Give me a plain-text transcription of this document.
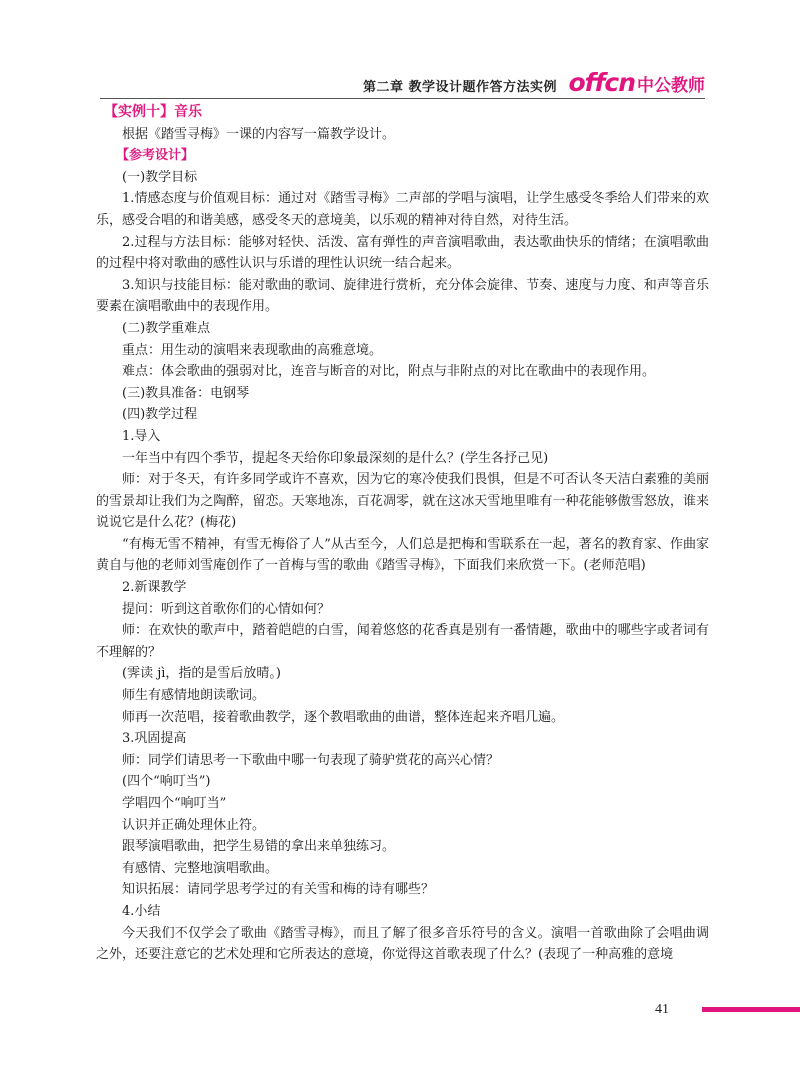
第二章 教学设计题作答方法实例 offcn 中公教师

【实例十】音乐

根据《踏雪寻梅》一课的内容写一篇教学设计。

【参考设计】

(一)教学目标

1.情感态度与价值观目标：通过对《踏雪寻梅》二声部的学唱与演唱，让学生感受冬季给人们带来的欢乐，感受合唱的和谐美感，感受冬天的意境美，以乐观的精神对待自然，对待生活。

2.过程与方法目标：能够对轻快、活泼、富有弹性的声音演唱歌曲，表达歌曲快乐的情绪；在演唱歌曲的过程中将对歌曲的感性认识与乐谱的理性认识统一结合起来。

3.知识与技能目标：能对歌曲的歌词、旋律进行赏析，充分体会旋律、节奏、速度与力度、和声等音乐要素在演唱歌曲中的表现作用。

(二)教学重难点

重点：用生动的演唱来表现歌曲的高雅意境。

难点：体会歌曲的强弱对比，连音与断音的对比，附点与非附点的对比在歌曲中的表现作用。

(三)教具准备：电钢琴

(四)教学过程

1.导入

一年当中有四个季节，提起冬天给你印象最深刻的是什么？(学生各抒己见)

师：对于冬天，有许多同学或许不喜欢，因为它的寒冷使我们畏惧，但是不可否认冬天洁白素雅的美丽的雪景却让我们为之陶醉，留恋。天寒地冻，百花凋零，就在这冰天雪地里唯有一种花能够傲雪怒放，谁来说说它是什么花？(梅花)

“有梅无雪不精神，有雪无梅俗了人”从古至今，人们总是把梅和雪联系在一起，著名的教育家、作曲家黄自与他的老师刘雪庵创作了一首梅与雪的歌曲《踏雪寻梅》，下面我们来欣赏一下。(老师范唱)

2.新课教学

提问：听到这首歌你们的心情如何？

师：在欢快的歌声中，踏着皑皑的白雪，闻着悠悠的花香真是别有一番情趣，歌曲中的哪些字或者词有不理解的？

(霁读 jì，指的是雪后放晴。)

师生有感情地朗读歌词。

师再一次范唱，接着歌曲教学，逐个教唱歌曲的曲谱，整体连起来齐唱几遍。

3.巩固提高

师：同学们请思考一下歌曲中哪一句表现了骑驴赏花的高兴心情？

(四个“响叮当”)

学唱四个“响叮当”

认识并正确处理休止符。

跟琴演唱歌曲，把学生易错的拿出来单独练习。

有感情、完整地演唱歌曲。

知识拓展：请同学思考学过的有关雪和梅的诗有哪些？

4.小结

今天我们不仅学会了歌曲《踏雪寻梅》，而且了解了很多音乐符号的含义。演唱一首歌曲除了会唱曲调之外，还要注意它的艺术处理和它所表达的意境，你觉得这首歌表现了什么？(表现了一种高雅的意境

41
